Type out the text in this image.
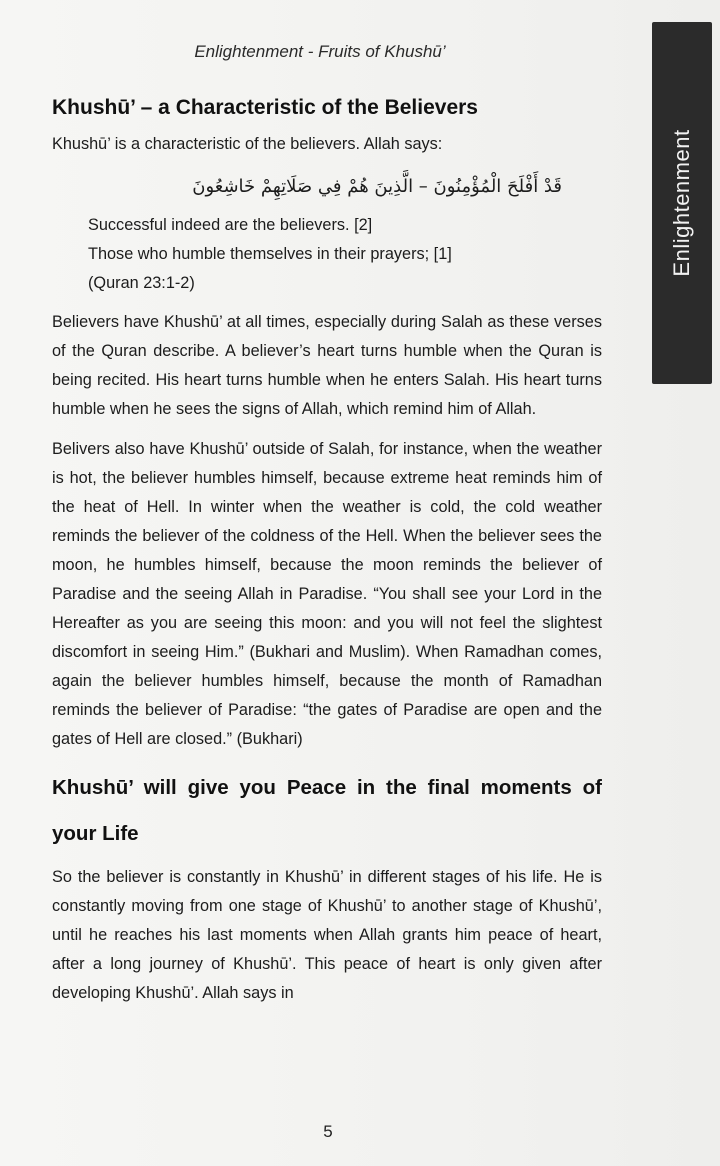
Enlightenment - Fruits of Khushū’
Enlightenment
Khushū’ – a Characteristic of the Believers

Khushū’ is a characteristic of the believers. Allah says:

قَدْ أَفْلَحَ الْمُؤْمِنُونَ – الَّذِينَ هُمْ فِي صَلَاتِهِمْ خَاشِعُونَ

Successful indeed are the believers. [2]
Those who humble themselves in their prayers; [1]
(Quran 23:1-2)

Believers have Khushū’ at all times, especially during Salah as these verses of the Quran describe. A believer’s heart turns humble when the Quran is being recited. His heart turns humble when he enters Salah. His heart turns humble when he sees the signs of Allah, which remind him of Allah.

Belivers also have Khushū’ outside of Salah, for instance, when the weather is hot, the believer humbles himself, because extreme heat reminds him of the heat of Hell. In winter when the weather is cold, the cold weather reminds the believer of the coldness of the Hell. When the believer sees the moon, he humbles himself, because the moon reminds the believer of Paradise and the seeing Allah in Paradise. “You shall see your Lord in the Hereafter as you are seeing this moon: and you will not feel the slightest discomfort in seeing Him.” (Bukhari and Muslim). When Ramadhan comes, again the believer humbles himself, because the month of Ramadhan reminds the believer of Paradise: “the gates of Paradise are open and the gates of Hell are closed.” (Bukhari)

Khushū’ will give you Peace in the final moments of your Life

So the believer is constantly in Khushū’ in different stages of his life. He is constantly moving from one stage of Khushū’ to another stage of Khushū’, until he reaches his last moments when Allah grants him peace of heart, after a long journey of Khushū’. This peace of heart is only given after developing Khushū’. Allah says in

5
